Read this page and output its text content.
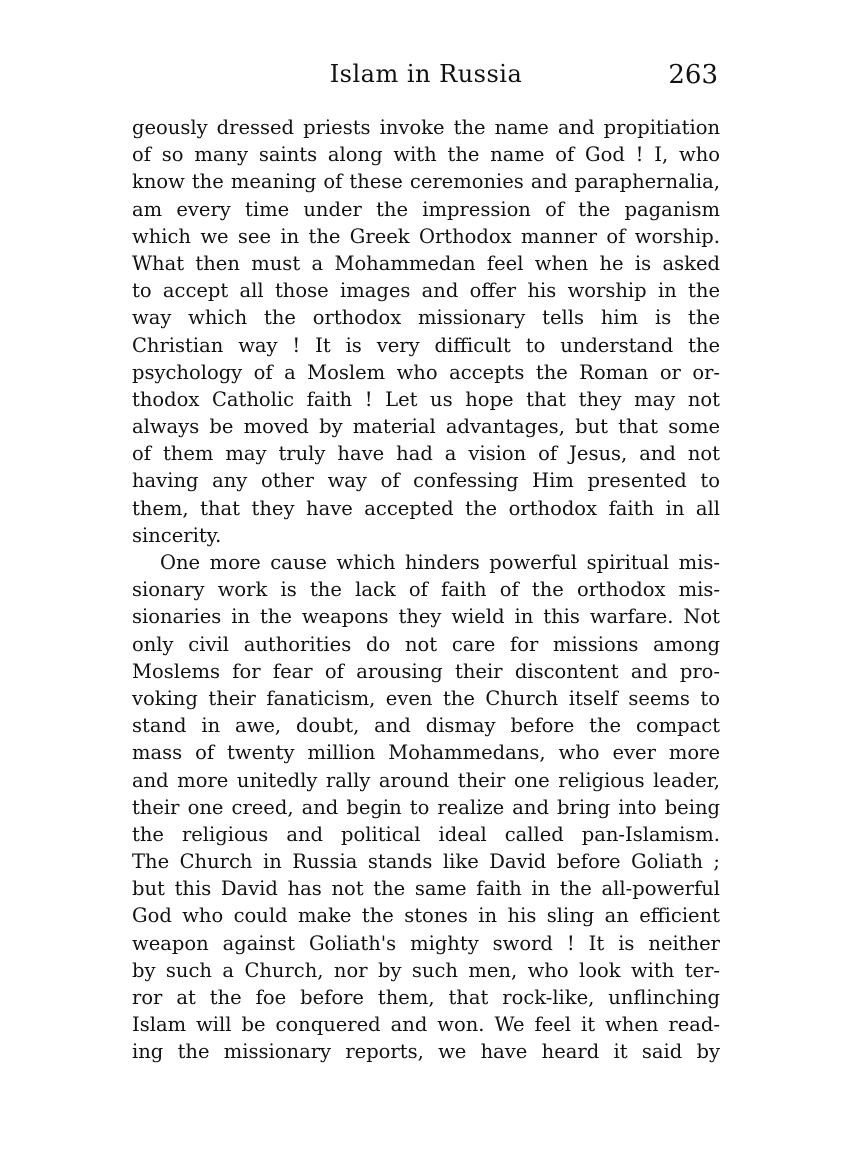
Islam in Russia	263
geously dressed priests invoke the name and propitiation
of so many saints along with the name of God ! I, who
know the meaning of these ceremonies and paraphernalia,
am every time under the impression of the paganism
which we see in the Greek Orthodox manner of worship.
What then must a Mohammedan feel when he is asked
to accept all those images and offer his worship in the
way which the orthodox missionary tells him is the
Christian way ! It is very difficult to understand the
psychology of a Moslem who accepts the Roman or or-
thodox Catholic faith ! Let us hope that they may not
always be moved by material advantages, but that some
of them may truly have had a vision of Jesus, and not
having any other way of confessing Him presented to
them, that they have accepted the orthodox faith in all
sincerity.
One more cause which hinders powerful spiritual mis-
sionary work is the lack of faith of the orthodox mis-
sionaries in the weapons they wield in this warfare. Not
only civil authorities do not care for missions among
Moslems for fear of arousing their discontent and pro-
voking their fanaticism, even the Church itself seems to
stand in awe, doubt, and dismay before the compact
mass of twenty million Mohammedans, who ever more
and more unitedly rally around their one religious leader,
their one creed, and begin to realize and bring into being
the religious and political ideal called pan-Islamism.
The Church in Russia stands like David before Goliath ;
but this David has not the same faith in the all-powerful
God who could make the stones in his sling an efficient
weapon against Goliath's mighty sword ! It is neither
by such a Church, nor by such men, who look with ter-
ror at the foe before them, that rock-like, unflinching
Islam will be conquered and won. We feel it when read-
ing the missionary reports, we have heard it said by
